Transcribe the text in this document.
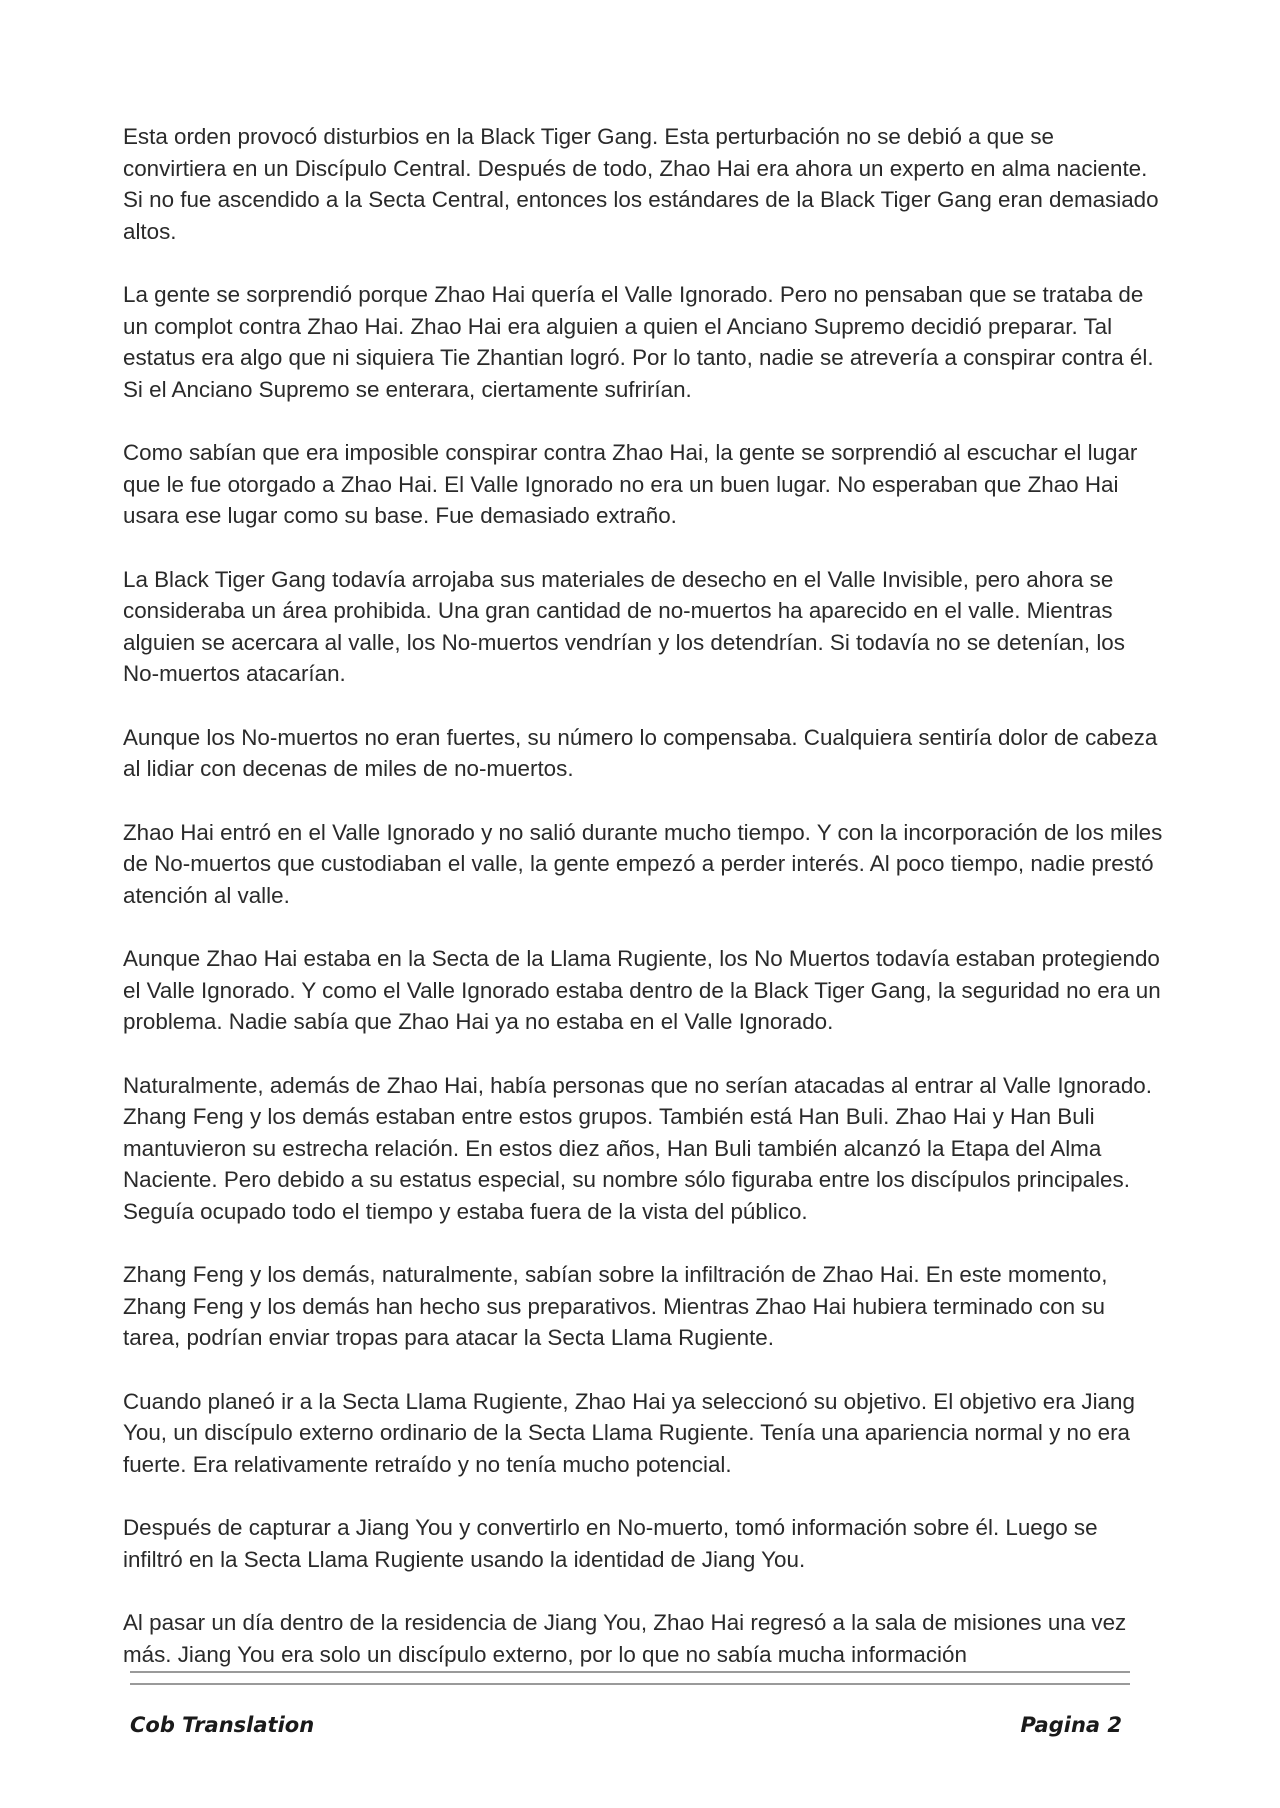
Esta orden provocó disturbios en la Black Tiger Gang. Esta perturbación no se debió a que se convirtiera en un Discípulo Central. Después de todo, Zhao Hai era ahora un experto en alma naciente. Si no fue ascendido a la Secta Central, entonces los estándares de la Black Tiger Gang eran demasiado altos.

La gente se sorprendió porque Zhao Hai quería el Valle Ignorado. Pero no pensaban que se trataba de un complot contra Zhao Hai. Zhao Hai era alguien a quien el Anciano Supremo decidió preparar. Tal estatus era algo que ni siquiera Tie Zhantian logró. Por lo tanto, nadie se atrevería a conspirar contra él. Si el Anciano Supremo se enterara, ciertamente sufrirían.

Como sabían que era imposible conspirar contra Zhao Hai, la gente se sorprendió al escuchar el lugar que le fue otorgado a Zhao Hai. El Valle Ignorado no era un buen lugar. No esperaban que Zhao Hai usara ese lugar como su base. Fue demasiado extraño.

La Black Tiger Gang todavía arrojaba sus materiales de desecho en el Valle Invisible, pero ahora se consideraba un área prohibida. Una gran cantidad de no-muertos ha aparecido en el valle. Mientras alguien se acercara al valle, los No-muertos vendrían y los detendrían. Si todavía no se detenían, los No-muertos atacarían.

Aunque los No-muertos no eran fuertes, su número lo compensaba. Cualquiera sentiría dolor de cabeza al lidiar con decenas de miles de no-muertos.

Zhao Hai entró en el Valle Ignorado y no salió durante mucho tiempo. Y con la incorporación de los miles de No-muertos que custodiaban el valle, la gente empezó a perder interés. Al poco tiempo, nadie prestó atención al valle.

Aunque Zhao Hai estaba en la Secta de la Llama Rugiente, los No Muertos todavía estaban protegiendo el Valle Ignorado. Y como el Valle Ignorado estaba dentro de la Black Tiger Gang, la seguridad no era un problema. Nadie sabía que Zhao Hai ya no estaba en el Valle Ignorado.

Naturalmente, además de Zhao Hai, había personas que no serían atacadas al entrar al Valle Ignorado. Zhang Feng y los demás estaban entre estos grupos. También está Han Buli. Zhao Hai y Han Buli mantuvieron su estrecha relación. En estos diez años, Han Buli también alcanzó la Etapa del Alma Naciente. Pero debido a su estatus especial, su nombre sólo figuraba entre los discípulos principales. Seguía ocupado todo el tiempo y estaba fuera de la vista del público.

Zhang Feng y los demás, naturalmente, sabían sobre la infiltración de Zhao Hai. En este momento, Zhang Feng y los demás han hecho sus preparativos. Mientras Zhao Hai hubiera terminado con su tarea, podrían enviar tropas para atacar la Secta Llama Rugiente.

Cuando planeó ir a la Secta Llama Rugiente, Zhao Hai ya seleccionó su objetivo. El objetivo era Jiang You, un discípulo externo ordinario de la Secta Llama Rugiente. Tenía una apariencia normal y no era fuerte. Era relativamente retraído y no tenía mucho potencial.

Después de capturar a Jiang You y convertirlo en No-muerto, tomó información sobre él. Luego se infiltró en la Secta Llama Rugiente usando la identidad de Jiang You.

Al pasar un día dentro de la residencia de Jiang You, Zhao Hai regresó a la sala de misiones una vez más. Jiang You era solo un discípulo externo, por lo que no sabía mucha información

Cob Translation	Pagina 2
